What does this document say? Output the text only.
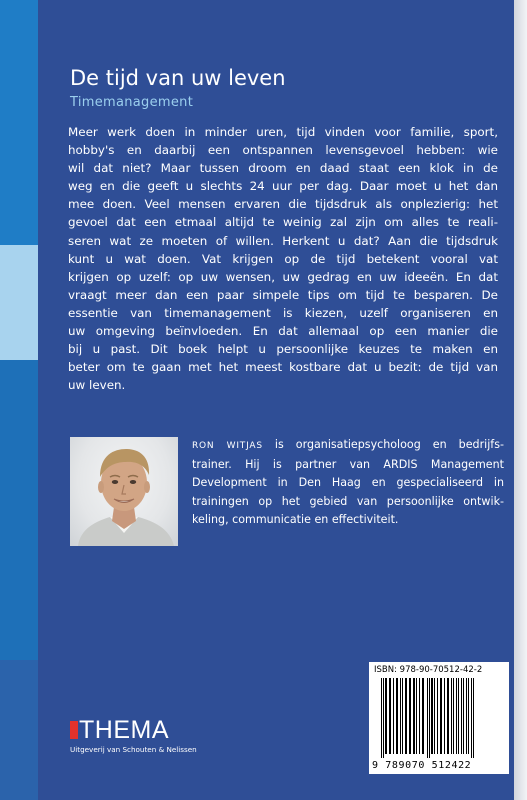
De tijd van uw leven
Timemanagement

Meer werk doen in minder uren, tijd vinden voor familie, sport,
hobby's en daarbij een ontspannen levensgevoel hebben: wie
wil dat niet? Maar tussen droom en daad staat een klok in de
weg en die geeft u slechts 24 uur per dag. Daar moet u het dan
mee doen. Veel mensen ervaren die tijdsdruk als onplezierig: het
gevoel dat een etmaal altijd te weinig zal zijn om alles te reali-
seren wat ze moeten of willen. Herkent u dat? Aan die tijdsdruk
kunt u wat doen. Vat krijgen op de tijd betekent vooral vat
krijgen op uzelf: op uw wensen, uw gedrag en uw ideeën. En dat
vraagt meer dan een paar simpele tips om tijd te besparen. De
essentie van timemanagement is kiezen, uzelf organiseren en
uw omgeving beïnvloeden. En dat allemaal op een manier die
bij u past. Dit boek helpt u persoonlijke keuzes te maken en
beter om te gaan met het meest kostbare dat u bezit: de tijd van
uw leven.

RON WITJAS is organisatiepsycholoog en bedrijfs-
trainer. Hij is partner van ARDIS Management
Development in Den Haag en gespecialiseerd in
trainingen op het gebied van persoonlijke ontwik-
keling, communicatie en effectiviteit.

ISBN: 978-90-70512-42-2
9 789070 512422
THEMA
Uitgeverij van Schouten & Nelissen
